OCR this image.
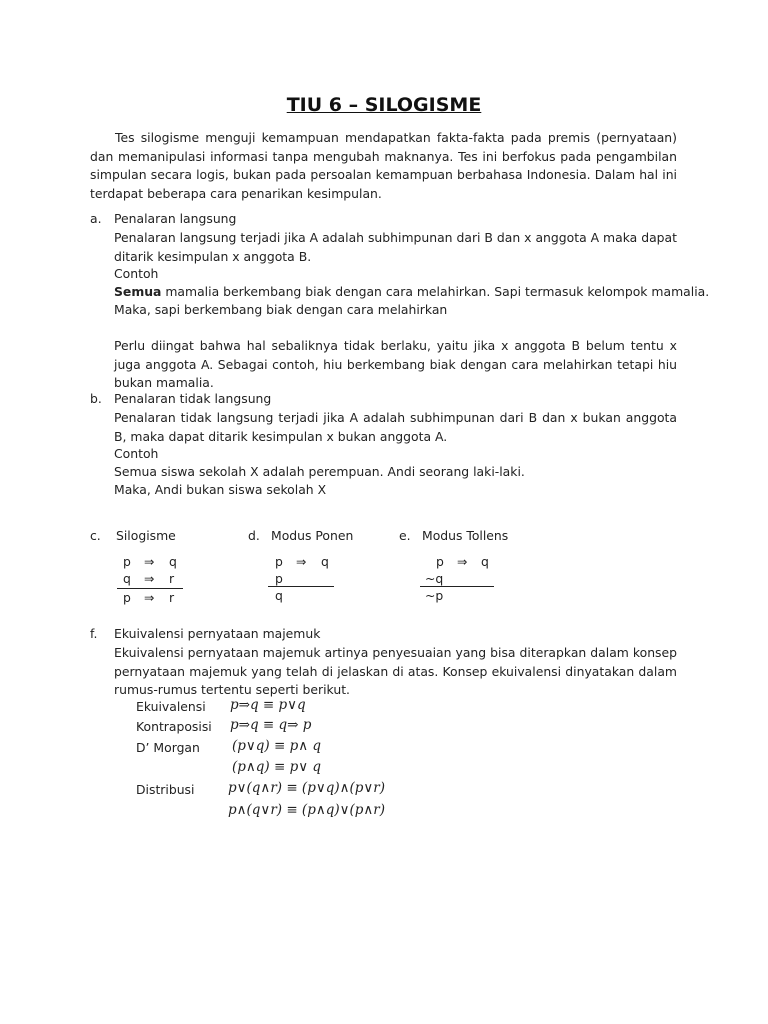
TIU 6 – SILOGISME

Tes silogisme menguji kemampuan mendapatkan fakta-fakta pada premis (pernyataan) dan memanipulasi informasi tanpa mengubah maknanya. Tes ini berfokus pada pengambilan simpulan secara logis, bukan pada persoalan kemampuan berbahasa Indonesia. Dalam hal ini terdapat beberapa cara penarikan kesimpulan.

a. Penalaran langsung

Penalaran langsung terjadi jika A adalah subhimpunan dari B dan x anggota A maka dapat ditarik kesimpulan x anggota B.

Contoh
Semua mamalia berkembang biak dengan cara melahirkan. Sapi termasuk kelompok mamalia.
Maka, sapi berkembang biak dengan cara melahirkan

Perlu diingat bahwa hal sebaliknya tidak berlaku, yaitu jika x anggota B belum tentu x juga anggota A. Sebagai contoh, hiu berkembang biak dengan cara melahirkan tetapi hiu bukan mamalia.

b. Penalaran tidak langsung

Penalaran tidak langsung terjadi jika A adalah subhimpunan dari B dan x bukan anggota B, maka dapat ditarik kesimpulan x bukan anggota A.

Contoh
Semua siswa sekolah X adalah perempuan. Andi seorang laki-laki.
Maka, Andi bukan siswa sekolah X
c. Silogisme
p ⇒ q
q ⇒ r
p ⇒ r
d. Modus Ponen
p ⇒ q
p
q
e. Modus Tollens
p ⇒ q
~q
~p
f. Ekuivalensi pernyataan majemuk

Ekuivalensi pernyataan majemuk artinya penyesuaian yang bisa diterapkan dalam konsep pernyataan majemuk yang telah di jelaskan di atas. Konsep ekuivalensi dinyatakan dalam rumus-rumus tertentu seperti berikut.

Ekuivalensi p⇒q ≡ p∨q
Kontraposisi p⇒q ≡ q⇒ p
D’ Morgan (p∨q) ≡ p∧ q
(p∧q) ≡ p∨ q
Distribusi p∨(q∧r) ≡ (p∨q)∧(p∨r)
p∧(q∨r) ≡ (p∧q)∨(p∧r)
